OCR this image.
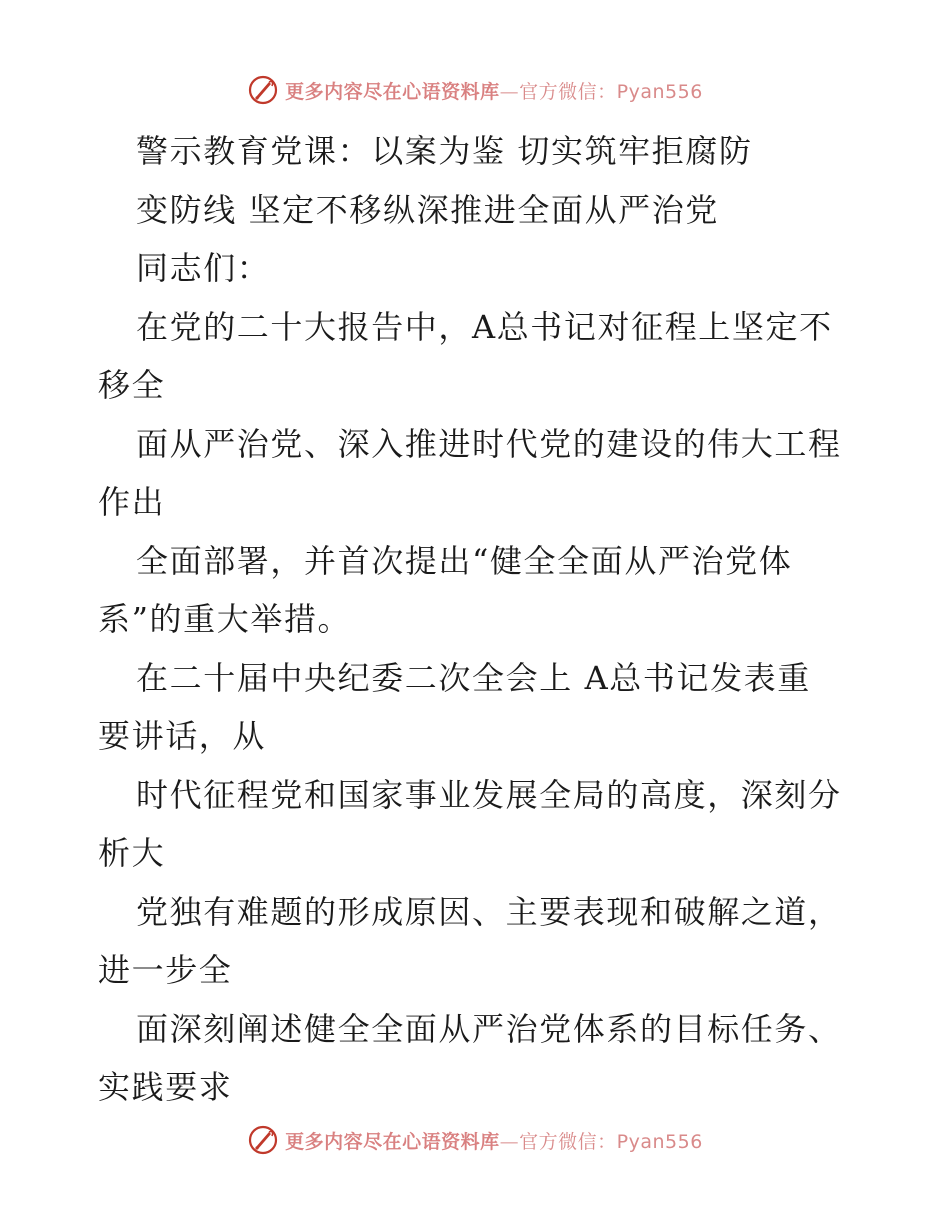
更多内容尽在心语资料库—官方微信：Pyan556
警示教育党课：以案为鉴 切实筑牢拒腐防
变防线 坚定不移纵深推进全面从严治党
同志们：
在党的二十大报告中，A总书记对征程上坚定不
移全
面从严治党、深入推进时代党的建设的伟大工程
作出
全面部署，并首次提出“健全全面从严治党体
系”的重大举措。
在二十届中央纪委二次全会上 A总书记发表重
要讲话，从
时代征程党和国家事业发展全局的高度，深刻分
析大
党独有难题的形成原因、主要表现和破解之道，
进一步全
面深刻阐述健全全面从严治党体系的目标任务、
实践要求
更多内容尽在心语资料库—官方微信：Pyan556
